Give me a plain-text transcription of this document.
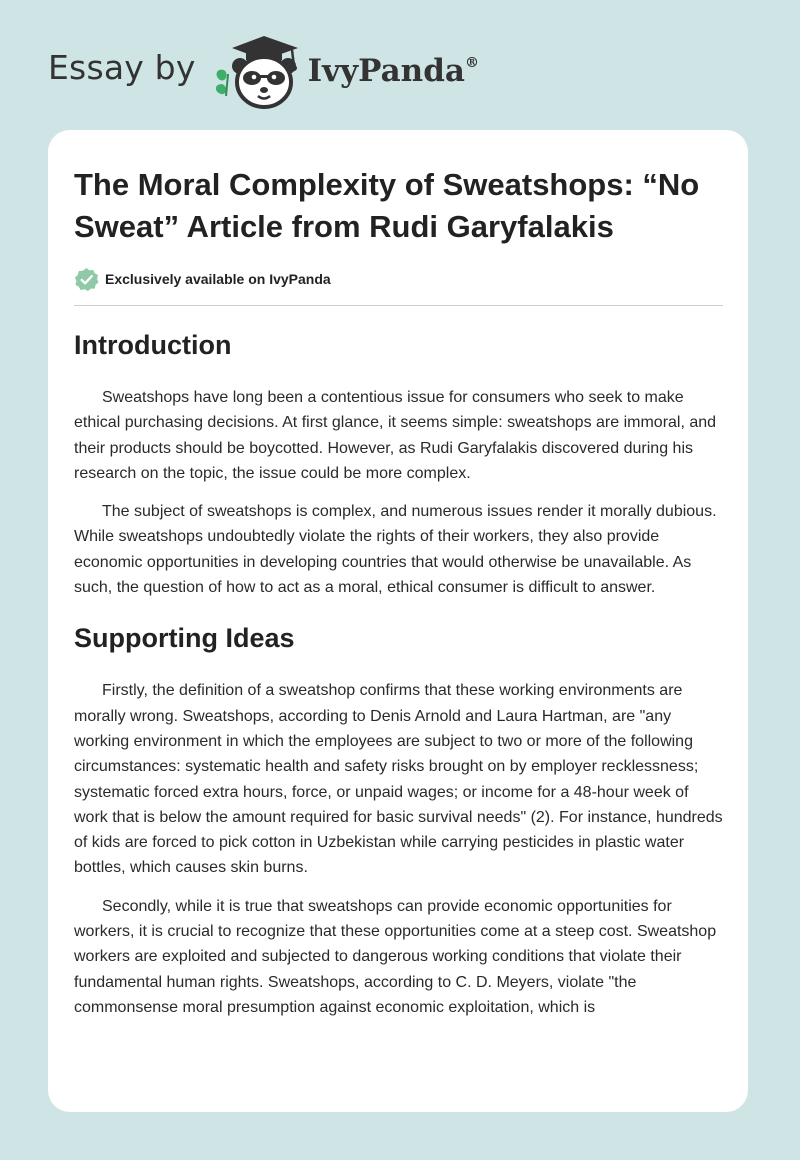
Essay by	IvyPanda®
The Moral Complexity of Sweatshops: “No Sweat” Article from Rudi Garyfalakis
Exclusively available on IvyPanda
Introduction

Sweatshops have long been a contentious issue for consumers who seek to make ethical purchasing decisions. At first glance, it seems simple: sweatshops are immoral, and their products should be boycotted. However, as Rudi Garyfalakis discovered during his research on the topic, the issue could be more complex.

The subject of sweatshops is complex, and numerous issues render it morally dubious. While sweatshops undoubtedly violate the rights of their workers, they also provide economic opportunities in developing countries that would otherwise be unavailable. As such, the question of how to act as a moral, ethical consumer is difficult to answer.

Supporting Ideas

Firstly, the definition of a sweatshop confirms that these working environments are morally wrong. Sweatshops, according to Denis Arnold and Laura Hartman, are "any working environment in which the employees are subject to two or more of the following circumstances: systematic health and safety risks brought on by employer recklessness; systematic forced extra hours, force, or unpaid wages; or income for a 48-hour week of work that is below the amount required for basic survival needs" (2). For instance, hundreds of kids are forced to pick cotton in Uzbekistan while carrying pesticides in plastic water bottles, which causes skin burns.

Secondly, while it is true that sweatshops can provide economic opportunities for workers, it is crucial to recognize that these opportunities come at a steep cost. Sweatshop workers are exploited and subjected to dangerous working conditions that violate their fundamental human rights. Sweatshops, according to C. D. Meyers, violate "the commonsense moral presumption against economic exploitation, which is
